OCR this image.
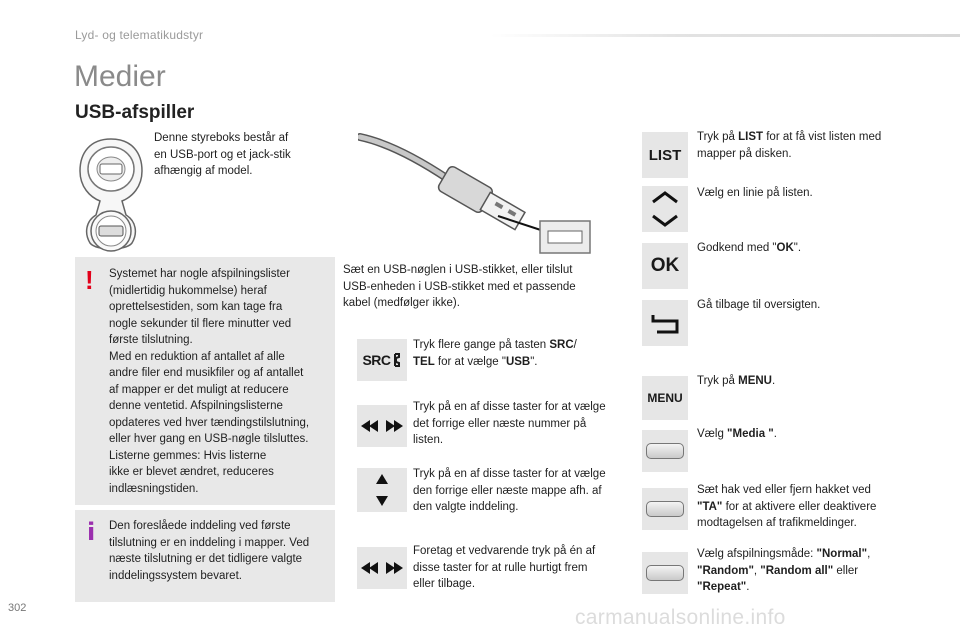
Lyd- og telematikudstyr
Medier
USB-afspiller
Denne styreboks består af
en USB-port og et jack-stik
afhængig af model.
! Systemet har nogle afspilningslister
(midlertidig hukommelse) heraf
oprettelsestiden, som kan tage fra
nogle sekunder til flere minutter ved
første tilslutning.
Med en reduktion af antallet af alle
andre filer end musikfiler og af antallet
af mapper er det muligt at reducere
denne ventetid. Afspilningslisterne
opdateres ved hver tændingstilslutning,
eller hver gang en USB-nøgle tilsluttes.
Listerne gemmes: Hvis listerne
ikke er blevet ændret, reduceres
indlæsningstiden.
i Den foreslåede inddeling ved første
tilslutning er en inddeling i mapper. Ved
næste tilslutning er det tidligere valgte
inddelingssystem bevaret.
Sæt en USB-nøglen i USB-stikket, eller tilslut
USB-enheden i USB-stikket med et passende
kabel (medfølger ikke).
SRC
Tryk flere gange på tasten SRC/
TEL for at vælge "USB".
Tryk på en af disse taster for at vælge
det forrige eller næste nummer på
listen.
Tryk på en af disse taster for at vælge
den forrige eller næste mappe afh. af
den valgte inddeling.
Foretag et vedvarende tryk på én af
disse taster for at rulle hurtigt frem
eller tilbage.
LIST
Tryk på LIST for at få vist listen med
mapper på disken.
Vælg en linie på listen.
OK
Godkend med "OK".
Gå tilbage til oversigten.
MENU
Tryk på MENU.
Vælg "Media ".
Sæt hak ved eller fjern hakket ved
"TA" for at aktivere eller deaktivere
modtagelsen af trafikmeldinger.
Vælg afspilningsmåde: "Normal",
"Random", "Random all" eller
"Repeat".
302	carmanualsonline.info
